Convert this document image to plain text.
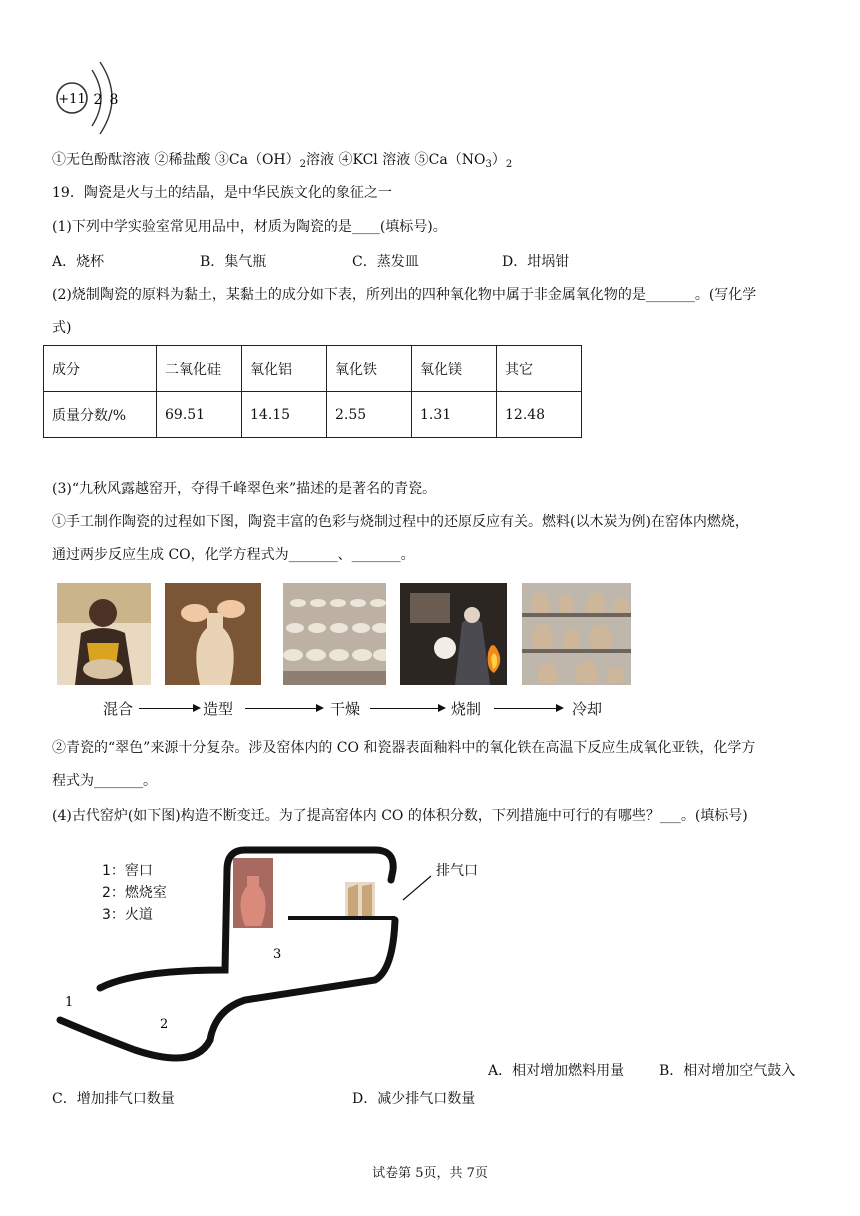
+11 2 8
①无色酚酞溶液 ②稀盐酸 $③Ca(OH)_2$溶液 ④KCl 溶液 $⑤Ca(NO_3)_2$
19．陶瓷是火与土的结晶，是中华民族文化的象征之一
(1)下列中学实验室常见用品中，材质为陶瓷的是____(填标号)。
A．烧杯	B．集气瓶	C．蒸发皿	D．坩埚钳
(2)烧制陶瓷的原料为黏土，某黏土的成分如下表，所列出的四种氧化物中属于非金属氧化物的是_______。(写化学
式)
成分	二氧化硅	氧化铝	氧化铁	氧化镁	其它
质量分数/%	69.51	14.15	2.55	1.31	12.48
(3)“九秋风露越窑开，夺得千峰翠色来”描述的是著名的青瓷。
①手工制作陶瓷的过程如下图，陶瓷丰富的色彩与烧制过程中的还原反应有关。燃料(以木炭为例)在窑体内燃烧，
通过两步反应生成 CO，化学方程式为_______、_______。
混合	造型	干燥	烧制	冷却
②青瓷的“翠色”来源十分复杂。涉及窑体内的 CO 和瓷器表面釉料中的氧化铁在高温下反应生成氧化亚铁，化学方
程式为_______。
(4)古代窑炉(如下图)构造不断变迁。为了提高窑体内 CO 的体积分数，下列措施中可行的有哪些？___。(填标号)
1
2
3
1：窖口
2：燃烧室
3：火道
排气口
A．相对增加燃料用量 B．相对增加空气鼓入
C．增加排气口数量	D．减少排气口数量
试卷第 5页，共 7页
